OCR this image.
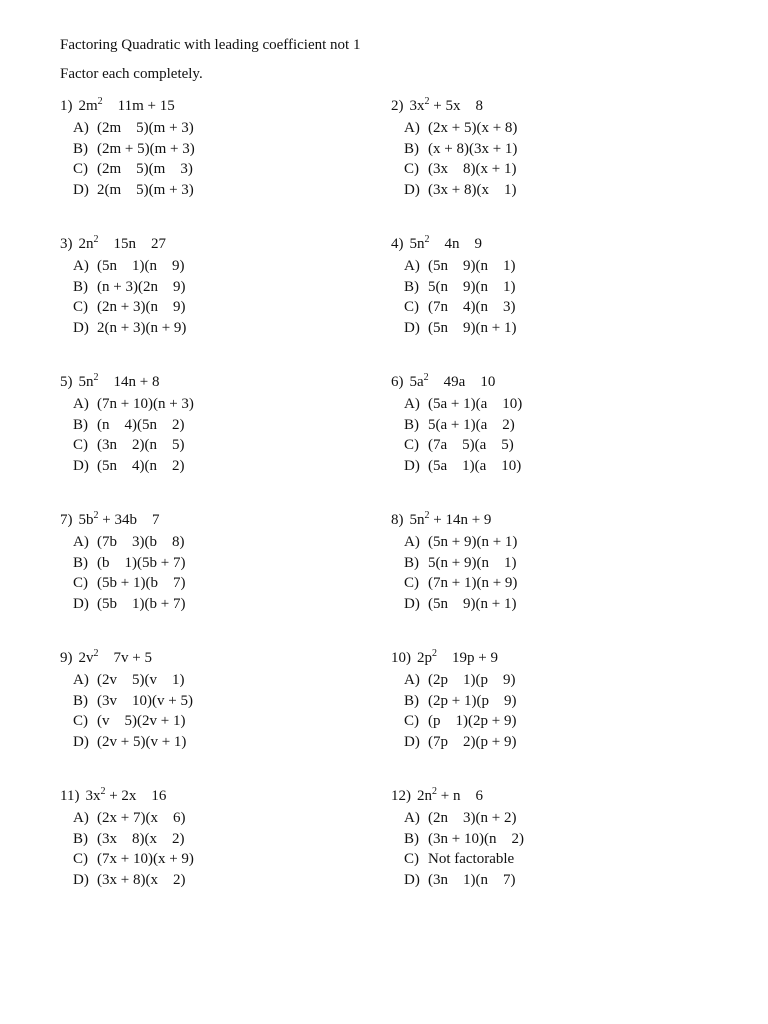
Factoring Quadratic with leading coefficient not 1
Factor each completely.
1) $2m^2$    11m + 15
A) (2m    5)(m + 3)
B) (2m + 5)(m + 3)
C) (2m    5)(m    3)
D) 2(m    5)(m + 3)
2) $3x^2 + 5x$    8
A) (2x + 5)(x + 8)
B) (x + 8)(3x + 1)
C) (3x    8)(x + 1)
D) (3x + 8)(x    1)
3) $2n^2$    15n    27
A) (5n    1)(n    9)
B) (n + 3)(2n    9)
C) (2n + 3)(n    9)
D) 2(n + 3)(n + 9)
4) $5n^2$    4n    9
A) (5n    9)(n    1)
B) 5(n    9)(n    1)
C) (7n    4)(n    3)
D) (5n    9)(n + 1)
5) $5n^2$    14n + 8
A) (7n + 10)(n + 3)
B) (n    4)(5n    2)
C) (3n    2)(n    5)
D) (5n    4)(n    2)
6) $5a^2$    49a    10
A) (5a + 1)(a    10)
B) 5(a + 1)(a    2)
C) (7a    5)(a    5)
D) (5a    1)(a    10)
7) $5b^2 + 34b$    7
A) (7b    3)(b    8)
B) (b    1)(5b + 7)
C) (5b + 1)(b    7)
D) (5b    1)(b + 7)
8) $5n^2 + 14n + 9$
A) (5n + 9)(n + 1)
B) 5(n + 9)(n    1)
C) (7n + 1)(n + 9)
D) (5n    9)(n + 1)
9) $2v^2$    7v + 5
A) (2v    5)(v    1)
B) (3v    10)(v + 5)
C) (v    5)(2v + 1)
D) (2v + 5)(v + 1)
10) $2p^2$    19p + 9
A) (2p    1)(p    9)
B) (2p + 1)(p    9)
C) (p    1)(2p + 9)
D) (7p    2)(p + 9)
11) $3x^2 + 2x$    16
A) (2x + 7)(x    6)
B) (3x    8)(x    2)
C) (7x + 10)(x + 9)
D) (3x + 8)(x    2)
12) $2n^2 + n$    6
A) (2n    3)(n + 2)
B) (3n + 10)(n    2)
C) Not factorable
D) (3n    1)(n    7)
